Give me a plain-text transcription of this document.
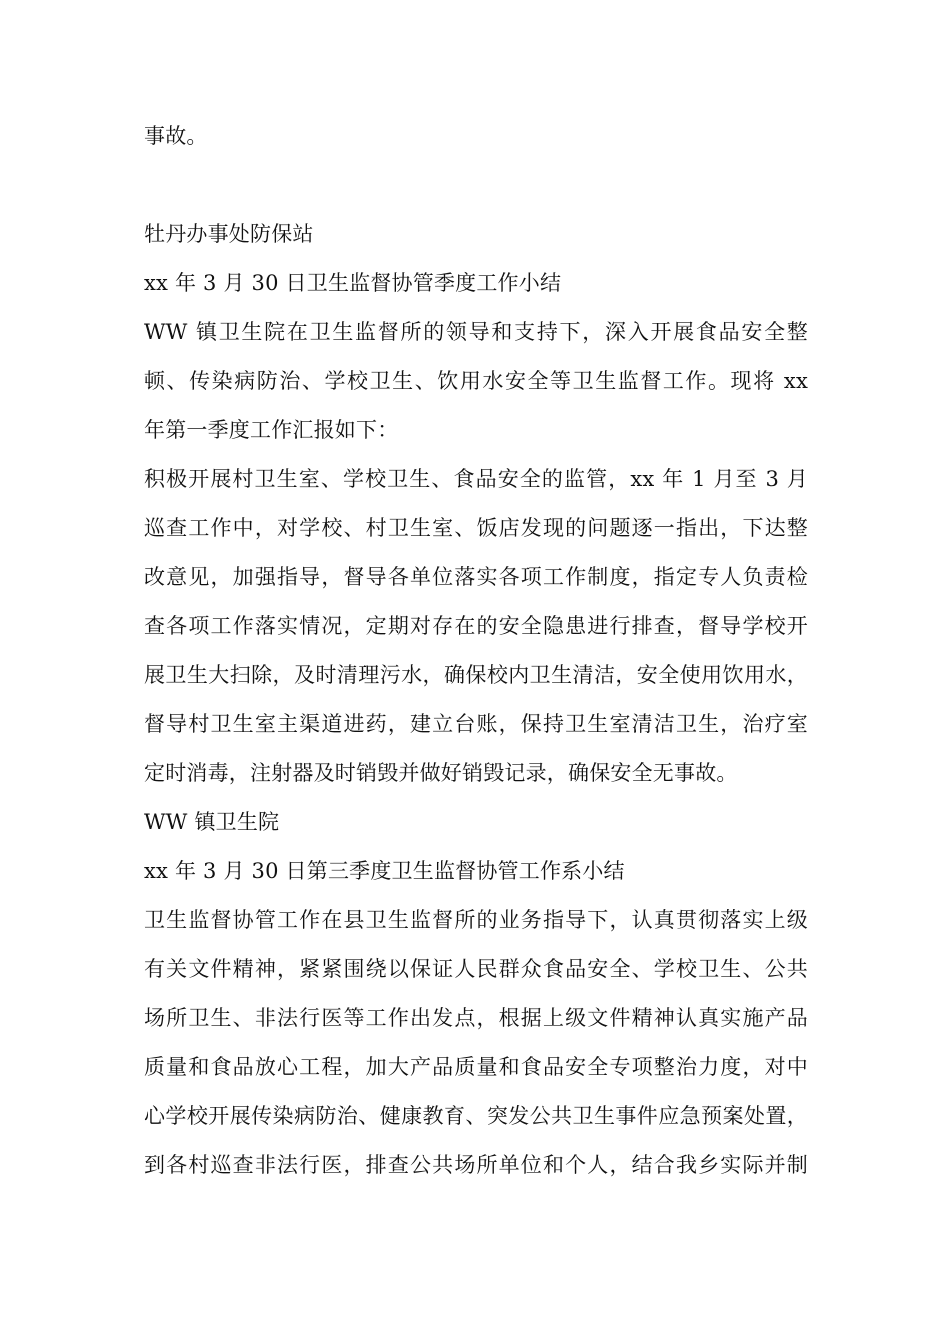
事故。
牡丹办事处防保站
xx 年 3 月 30 日卫生监督协管季度工作小结
WW 镇卫生院在卫生监督所的领导和支持下，深入开展食品安全整
顿、传染病防治、学校卫生、饮用水安全等卫生监督工作。现将 xx
年第一季度工作汇报如下：
积极开展村卫生室、学校卫生、食品安全的监管，xx 年 1 月至 3 月
巡查工作中，对学校、村卫生室、饭店发现的问题逐一指出，下达整
改意见，加强指导，督导各单位落实各项工作制度，指定专人负责检
查各项工作落实情况，定期对存在的安全隐患进行排查，督导学校开
展卫生大扫除，及时清理污水，确保校内卫生清洁，安全使用饮用水，
督导村卫生室主渠道进药，建立台账，保持卫生室清洁卫生，治疗室
定时消毒，注射器及时销毁并做好销毁记录，确保安全无事故。
WW 镇卫生院
xx 年 3 月 30 日第三季度卫生监督协管工作系小结
卫生监督协管工作在县卫生监督所的业务指导下，认真贯彻落实上级
有关文件精神，紧紧围绕以保证人民群众食品安全、学校卫生、公共
场所卫生、非法行医等工作出发点，根据上级文件精神认真实施产品
质量和食品放心工程，加大产品质量和食品安全专项整治力度，对中
心学校开展传染病防治、健康教育、突发公共卫生事件应急预案处置，
到各村巡查非法行医，排查公共场所单位和个人，结合我乡实际并制
